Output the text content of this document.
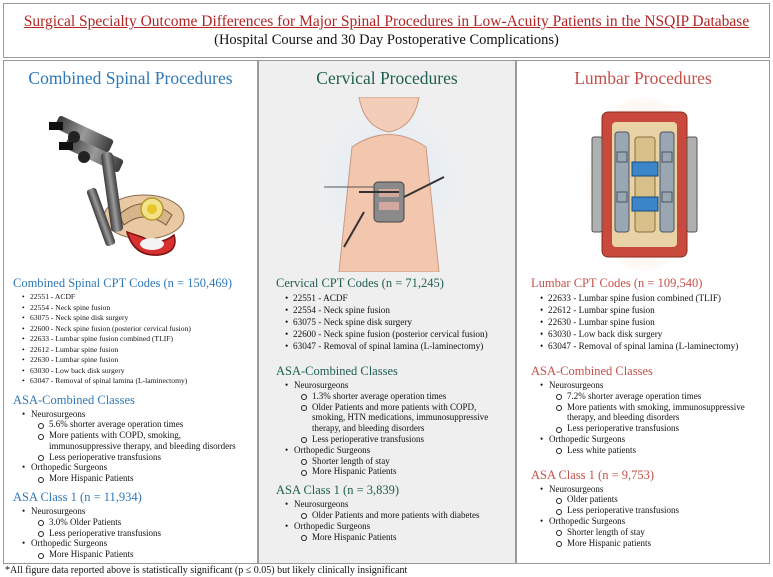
Surgical Specialty Outcome Differences for Major Spinal Procedures in Low-Acuity Patients in the NSQIP Database
(Hospital Course and 30 Day Postoperative Complications)
Combined Spinal Procedures
Combined Spinal CPT Codes (n = 150,469)
• 22551 - ACDF
• 22554 - Neck spine fusion
• 63075 - Neck spine disk surgery
• 22600 - Neck spine fusion (posterior cervical fusion)
• 22633 - Lumbar spine fusion combined (TLIF)
• 22612 - Lumbar spine fusion
• 22630 - Lumbar spine fusion
• 63030 - Low back disk surgery
• 63047 - Removal of spinal lamina (L-laminectomy)
ASA-Combined Classes
• Neurosurgeons
5.6% shorter average operation times
More patients with COPD, smoking, immunosuppressive therapy, and bleeding disorders
Less perioperative transfusions
• Orthopedic Surgeons
More Hispanic Patients
ASA Class 1 (n = 11,934)
• Neurosurgeons
3.0% Older Patients
Less perioperative transfusions
• Orthopedic Surgeons
More Hispanic Patients
Cervical Procedures
Cervical CPT Codes (n = 71,245)
• 22551 - ACDF
• 22554 - Neck spine fusion
• 63075 - Neck spine disk surgery
• 22600 - Neck spine fusion (posterior cervical fusion)
• 63047 - Removal of spinal lamina (L-laminectomy)
ASA-Combined Classes
• Neurosurgeons
1.3% shorter average operation times
Older Patients and more patients with COPD, smoking, HTN medications, immunosuppressive therapy, and bleeding disorders
Less perioperative transfusions
• Orthopedic Surgeons
Shorter length of stay
More Hispanic Patients
ASA Class 1 (n = 3,839)
• Neurosurgeons
Older Patients and more patients with diabetes
• Orthopedic Surgeons
More Hispanic Patients
Lumbar Procedures
Lumbar CPT Codes (n = 109,540)
• 22633 - Lumbar spine fusion combined (TLIF)
• 22612 - Lumbar spine fusion
• 22630 - Lumbar spine fusion
• 63030 - Low back disk surgery
• 63047 - Removal of spinal lamina (L-laminectomy)
ASA-Combined Classes
• Neurosurgeons
7.2% shorter average operation times
More patients with smoking, immunosuppressive therapy, and bleeding disorders
Less perioperative transfusions
• Orthopedic Surgeons
Less white patients
ASA Class 1 (n = 9,753)
• Neurosurgeons
Older patients
Less perioperative transfusions
• Orthopedic Surgeons
Shorter length of stay
More Hispanic patients
*All figure data reported above is statistically significant (p ≤ 0.05) but likely clinically insignificant
